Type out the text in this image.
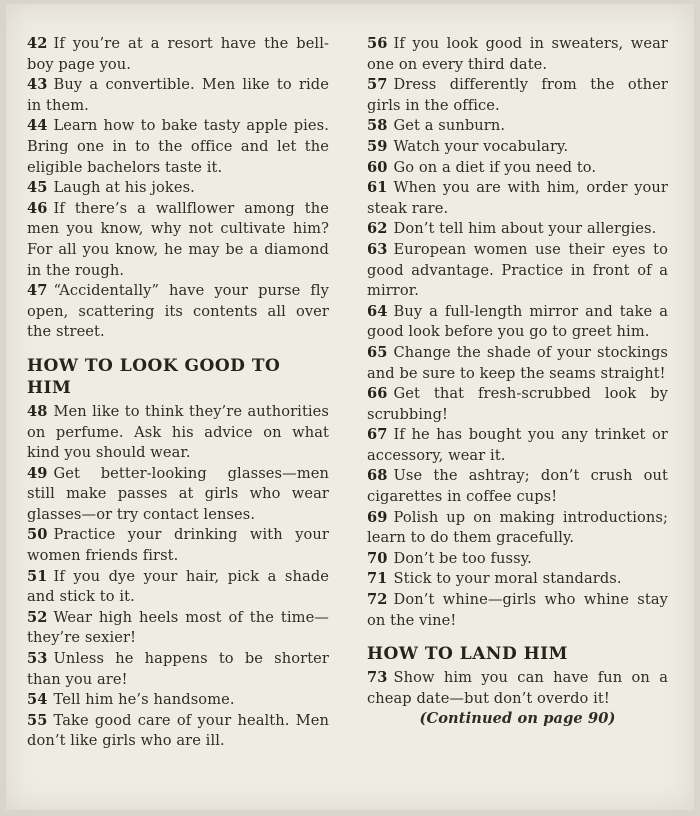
42 If you’re at a resort have the bell-boy page you.

43 Buy a convertible. Men like to ride in them.

44 Learn how to bake tasty apple pies. Bring one in to the office and let the eligible bachelors taste it.

45 Laugh at his jokes.

46 If there’s a wallflower among the men you know, why not cultivate him? For all you know, he may be a diamond in the rough.

47 “Accidentally” have your purse fly open, scattering its contents all over the street.

HOW TO LOOK GOOD TO HIM

48 Men like to think they’re authorities on perfume. Ask his advice on what kind you should wear.

49 Get better-looking glasses—men still make passes at girls who wear glasses—or try contact lenses.

50 Practice your drinking with your women friends first.

51 If you dye your hair, pick a shade and stick to it.

52 Wear high heels most of the time—they’re sexier!

53 Unless he happens to be shorter than you are!

54 Tell him he’s handsome.

55 Take good care of your health. Men don’t like girls who are ill.

56 If you look good in sweaters, wear one on every third date.

57 Dress differently from the other girls in the office.

58 Get a sunburn.

59 Watch your vocabulary.

60 Go on a diet if you need to.

61 When you are with him, order your steak rare.

62 Don’t tell him about your allergies.

63 European women use their eyes to good advantage. Practice in front of a mirror.

64 Buy a full-length mirror and take a good look before you go to greet him.

65 Change the shade of your stockings and be sure to keep the seams straight!

66 Get that fresh-scrubbed look by scrubbing!

67 If he has bought you any trinket or accessory, wear it.

68 Use the ashtray; don’t crush out cigarettes in coffee cups!

69 Polish up on making introductions; learn to do them gracefully.

70 Don’t be too fussy.

71 Stick to your moral standards.

72 Don’t whine—girls who whine stay on the vine!

HOW TO LAND HIM

73 Show him you can have fun on a cheap date—but don’t overdo it!

(Continued on page 90)
